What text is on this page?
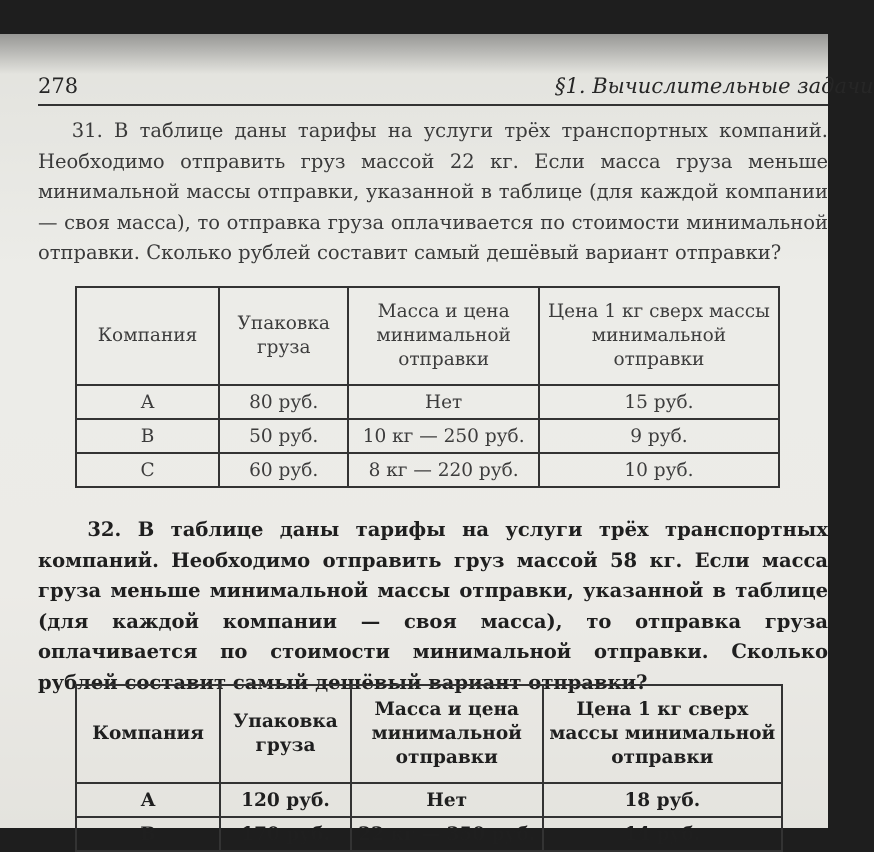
278	§1. Вычислительные задачи

31. В таблице даны тарифы на услуги трёх транспортных компаний. Необходимо отправить груз массой 22 кг. Если масса груза меньше минимальной массы отправки, указанной в таблице (для каждой компании — своя масса), то отправка груза оплачивается по стоимости минимальной отправки. Сколько рублей составит самый дешёвый вариант отправки?

Компания	Упаковка груза	Масса и цена минимальной отправки	Цена 1 кг сверх массы минимальной отправки
A	80 руб.	Нет	15 руб.
B	50 руб.	10 кг — 250 руб.	9 руб.
C	60 руб.	8 кг — 220 руб.	10 руб.

32. В таблице даны тарифы на услуги трёх транспортных компаний. Необходимо отправить груз массой 58 кг. Если масса груза меньше минимальной массы отправки, указанной в таблице (для каждой компании — своя масса), то отправка груза оплачивается по стоимости минимальной отправки. Сколько рублей составит самый дешёвый вариант отправки?

Компания	Упаковка груза	Масса и цена минимальной отправки	Цена 1 кг сверх массы минимальной отправки
A	120 руб.	Нет	18 руб.
B	170 руб.	22 кг — 350 руб.	14 руб.
